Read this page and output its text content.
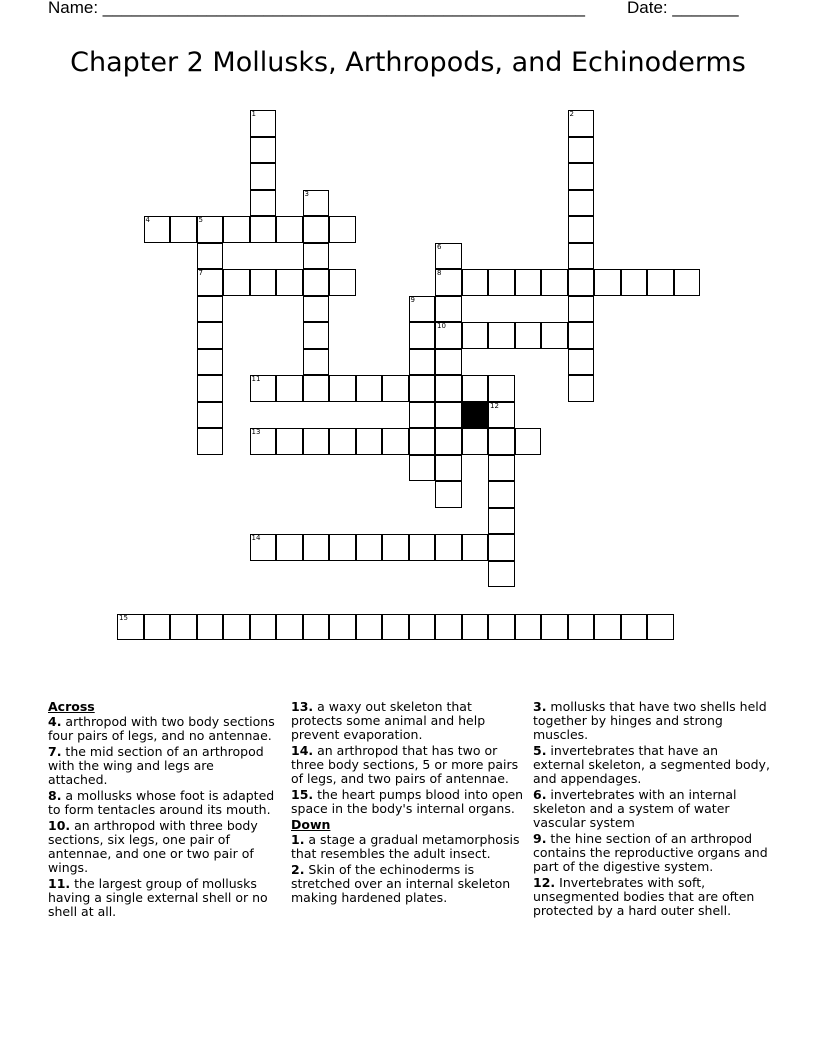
Name: ___________________________________________________ Date: _______
Chapter 2 Mollusks, Arthropods, and Echinoderms
1	2
3
4	5
7
6
8
10
9
11
12
13
14
15
Across
4. arthropod with two body sections four pairs of legs, and no antennae.
7. the mid section of an arthropod with the wing and legs are attached.
8. a mollusks whose foot is adapted to form tentacles around its mouth.
10. an arthropod with three body sections, six legs, one pair of antennae, and one or two pair of wings.
11. the largest group of mollusks having a single external shell or no shell at all.
13. a waxy out skeleton that protects some animal and help prevent evaporation.
14. an arthropod that has two or three body sections, 5 or more pairs of legs, and two pairs of antennae.
15. the heart pumps blood into open space in the body's internal organs.
Down
1. a stage a gradual metamorphosis that resembles the adult insect.
2. Skin of the echinoderms is stretched over an internal skeleton making hardened plates.
3. mollusks that have two shells held together by hinges and strong muscles.
5. invertebrates that have an external skeleton, a segmented body, and appendages.
6. invertebrates with an internal skeleton and a system of water vascular system
9. the hine section of an arthropod contains the reproductive organs and part of the digestive system.
12. Invertebrates with soft, unsegmented bodies that are often protected by a hard outer shell.
